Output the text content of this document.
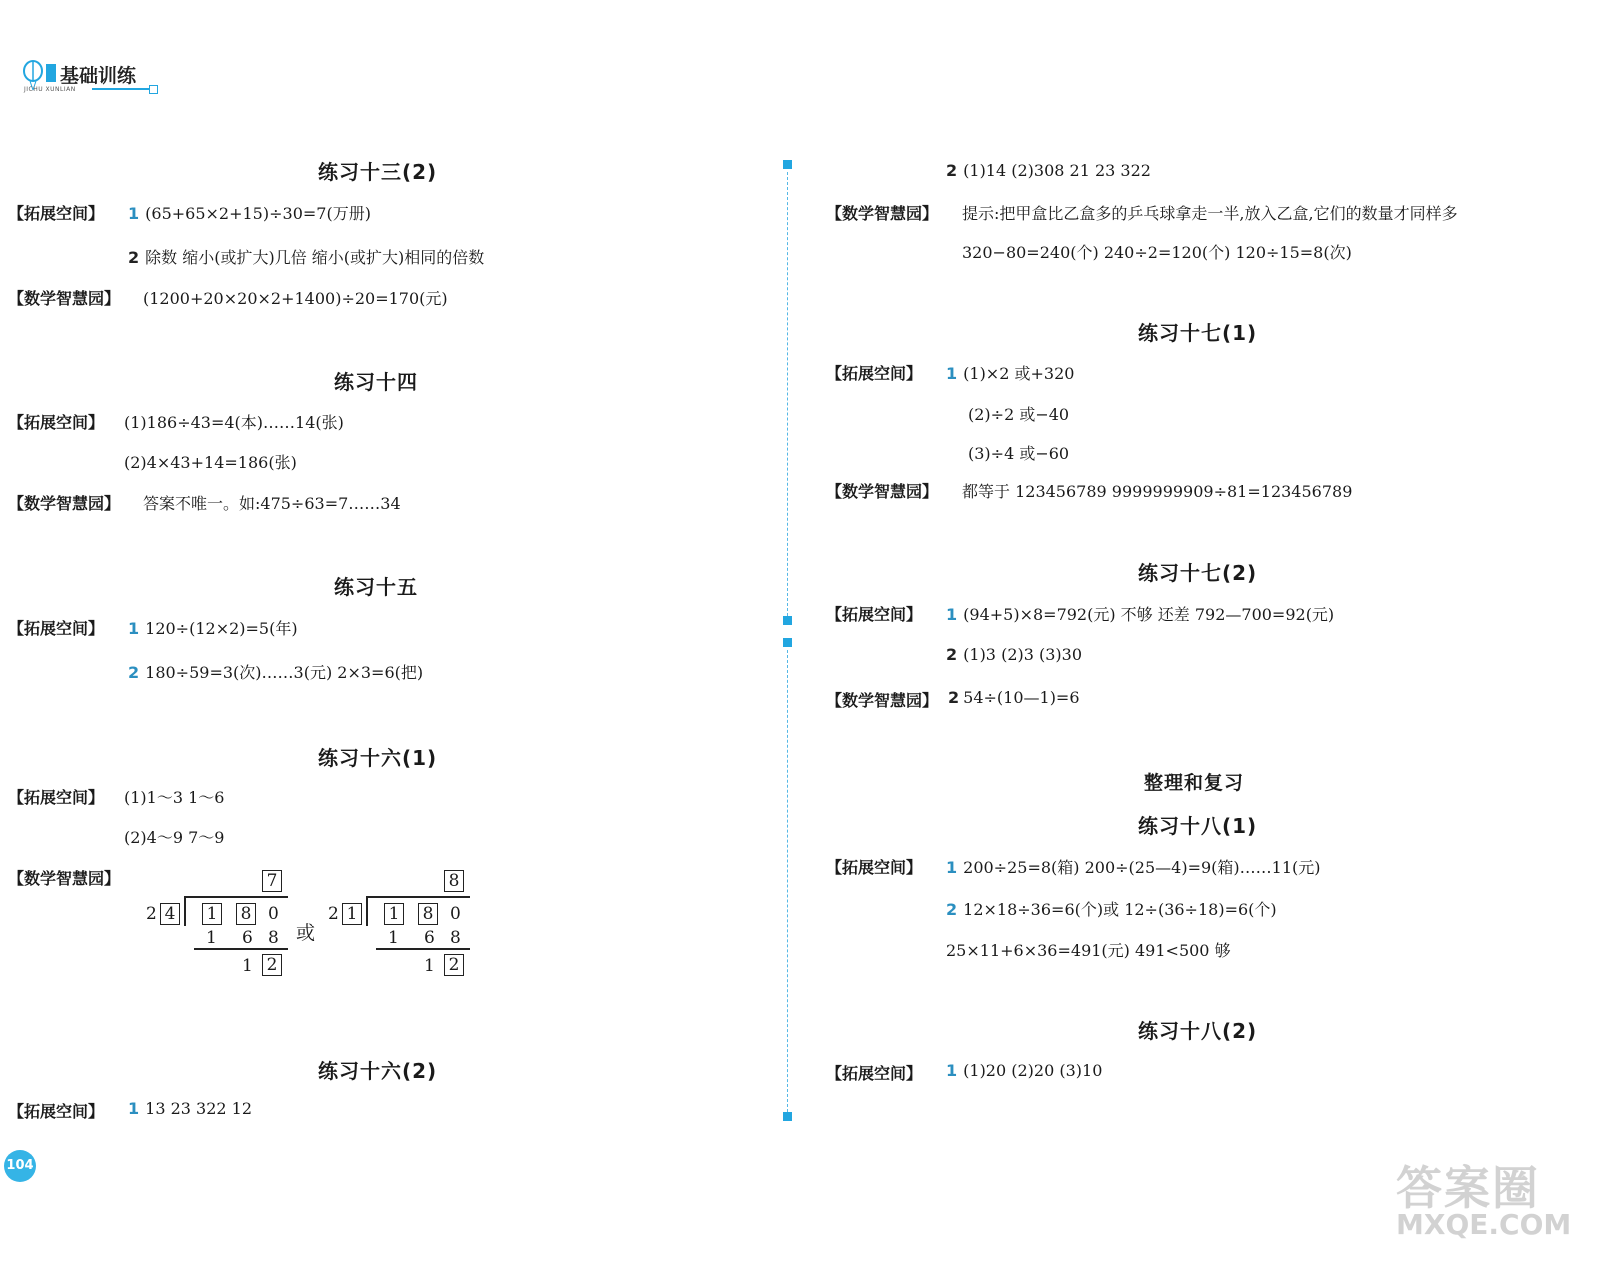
基础训练
JICHU XUNLIAN
练习十三(2)
【拓展空间】 1 (65+65×2+15)÷30=7(万册)
2 除数 缩小(或扩大)几倍 缩小(或扩大)相同的倍数
【数学智慧园】 (1200+20×20×2+1400)÷20=170(元)
练习十四
【拓展空间】 (1)186÷43=4(本)……14(张)
(2)4×43+14=186(张)
【数学智慧园】 答案不唯一。如:475÷63=7……34
练习十五
【拓展空间】 1 120÷(12×2)=5(年)
2 180÷59=3(次)……3(元) 2×3=6(把)
练习十六(1)
【拓展空间】 (1)1～3 1～6
(2)4～9 7～9
【数学智慧园】	7
2 4 1 8 0
1 6 8
1 2
或
8
2 1 1 8 0
1 6 8
1 2
练习十六(2)
【拓展空间】 1 13 23 322 12
104
2 (1)14 (2)308 21 23 322
【数学智慧园】 提示:把甲盒比乙盒多的乒乓球拿走一半,放入乙盒,它们的数量才同样多
320−80=240(个) 240÷2=120(个) 120÷15=8(次)
练习十七(1)
【拓展空间】 1 (1)×2 或+320
(2)÷2 或−40
(3)÷4 或−60
【数学智慧园】 都等于 123456789 9999999909÷81=123456789
练习十七(2)
【拓展空间】 1 (94+5)×8=792(元) 不够 还差 792—700=92(元)
2 (1)3 (2)3 (3)30
【数学智慧园】 2 54÷(10—1)=6
整理和复习
练习十八(1)
【拓展空间】 1 200÷25=8(箱) 200÷(25—4)=9(箱)……11(元)
2 12×18÷36=6(个)或 12÷(36÷18)=6(个)
25×11+6×36=491(元) 491<500 够
练习十八(2)
【拓展空间】 1 (1)20 (2)20 (3)10
答案圈
MXQE.COM
